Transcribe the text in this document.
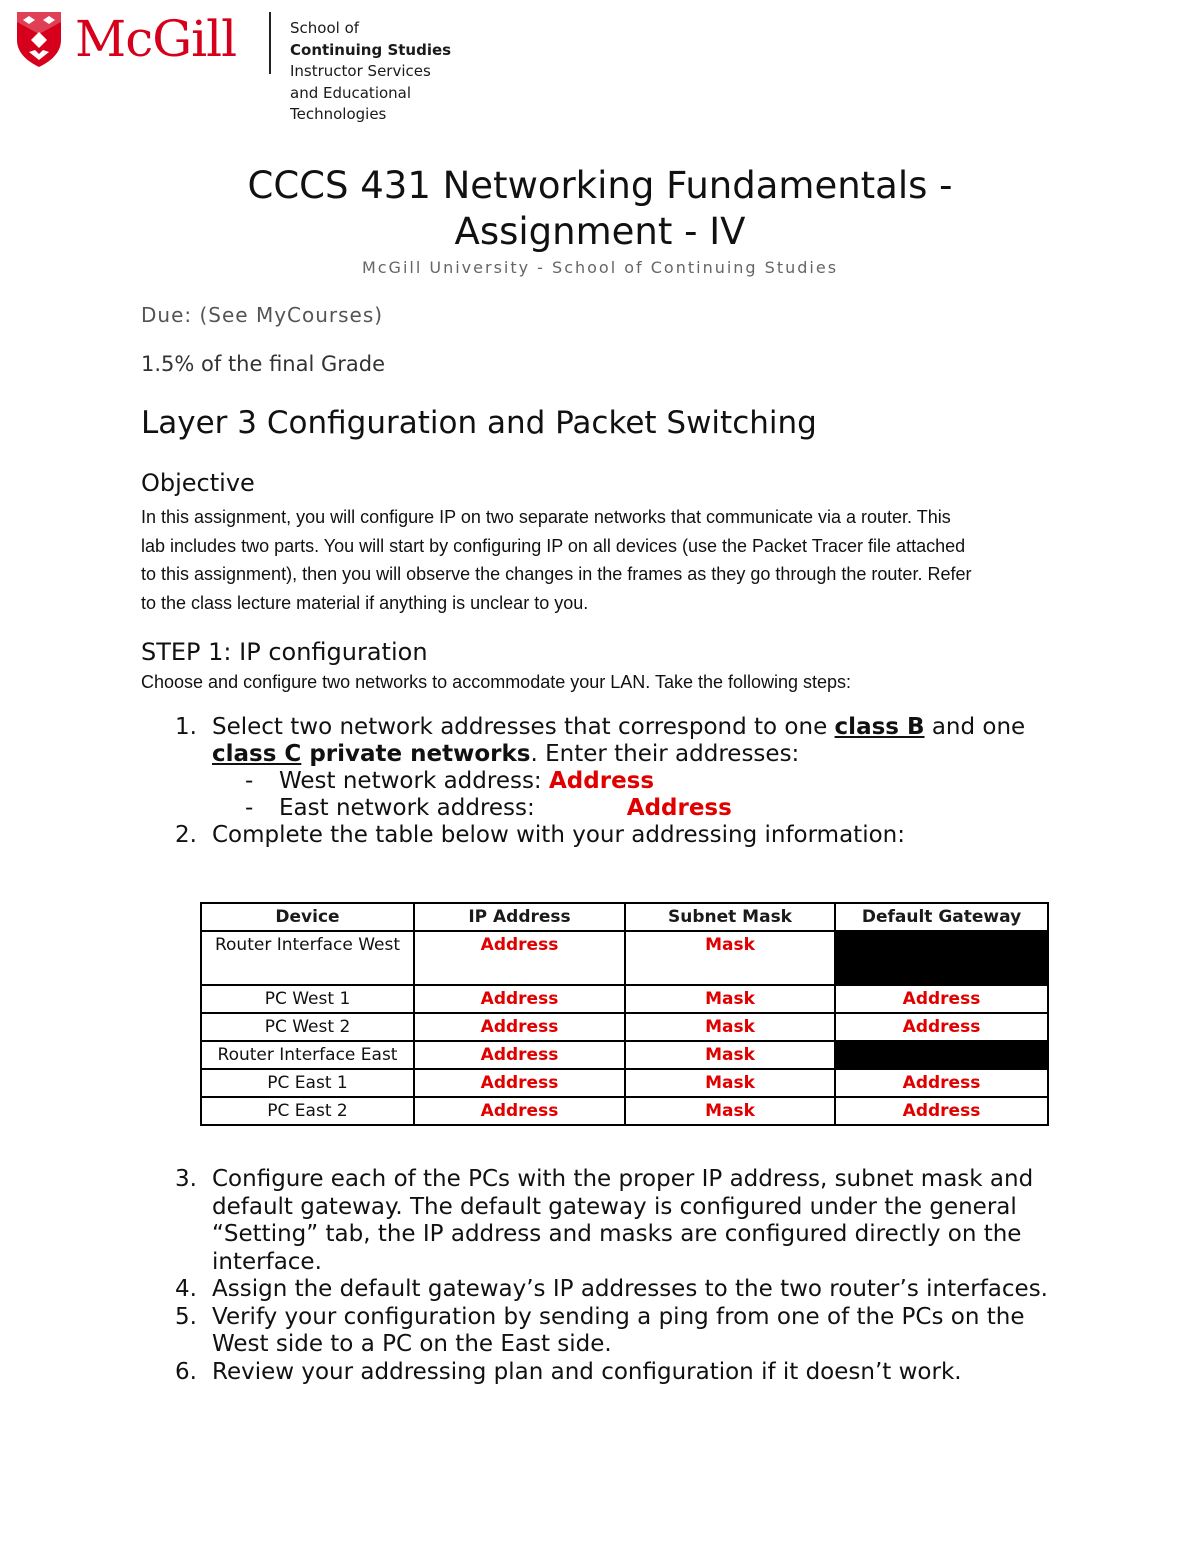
McGill	School of
Continuing Studies
Instructor Services
and Educational
Technologies
CCCS 431 Networking Fundamentals -
Assignment - IV
McGill University - School of Continuing Studies
Due: (See MyCourses)
1.5% of the final Grade
Layer 3 Configuration and Packet Switching
Objective
In this assignment, you will configure IP on two separate networks that communicate via a router. This
lab includes two parts. You will start by configuring IP on all devices (use the Packet Tracer file attached
to this assignment), then you will observe the changes in the frames as they go through the router. Refer
to the class lecture material if anything is unclear to you.
STEP 1: IP configuration
Choose and configure two networks to accommodate your LAN. Take the following steps:
1. Select two network addresses that correspond to one class B and one
class C private networks. Enter their addresses:
- West network address: Address
- East network address:	Address
2. Complete the table below with your addressing information:
Device	IP Address	Subnet Mask	Default Gateway
Router Interface West	Address	Mask	
PC West 1	Address	Mask	Address
PC West 2	Address	Mask	Address
Router Interface East	Address	Mask	
PC East 1	Address	Mask	Address
PC East 2	Address	Mask	Address
3. Configure each of the PCs with the proper IP address, subnet mask and default gateway. The default gateway is configured under the general “Setting” tab, the IP address and masks are configured directly on the interface.
4. Assign the default gateway’s IP addresses to the two router’s interfaces.
5. Verify your configuration by sending a ping from one of the PCs on the West side to a PC on the East side.
6. Review your addressing plan and configuration if it doesn’t work.
